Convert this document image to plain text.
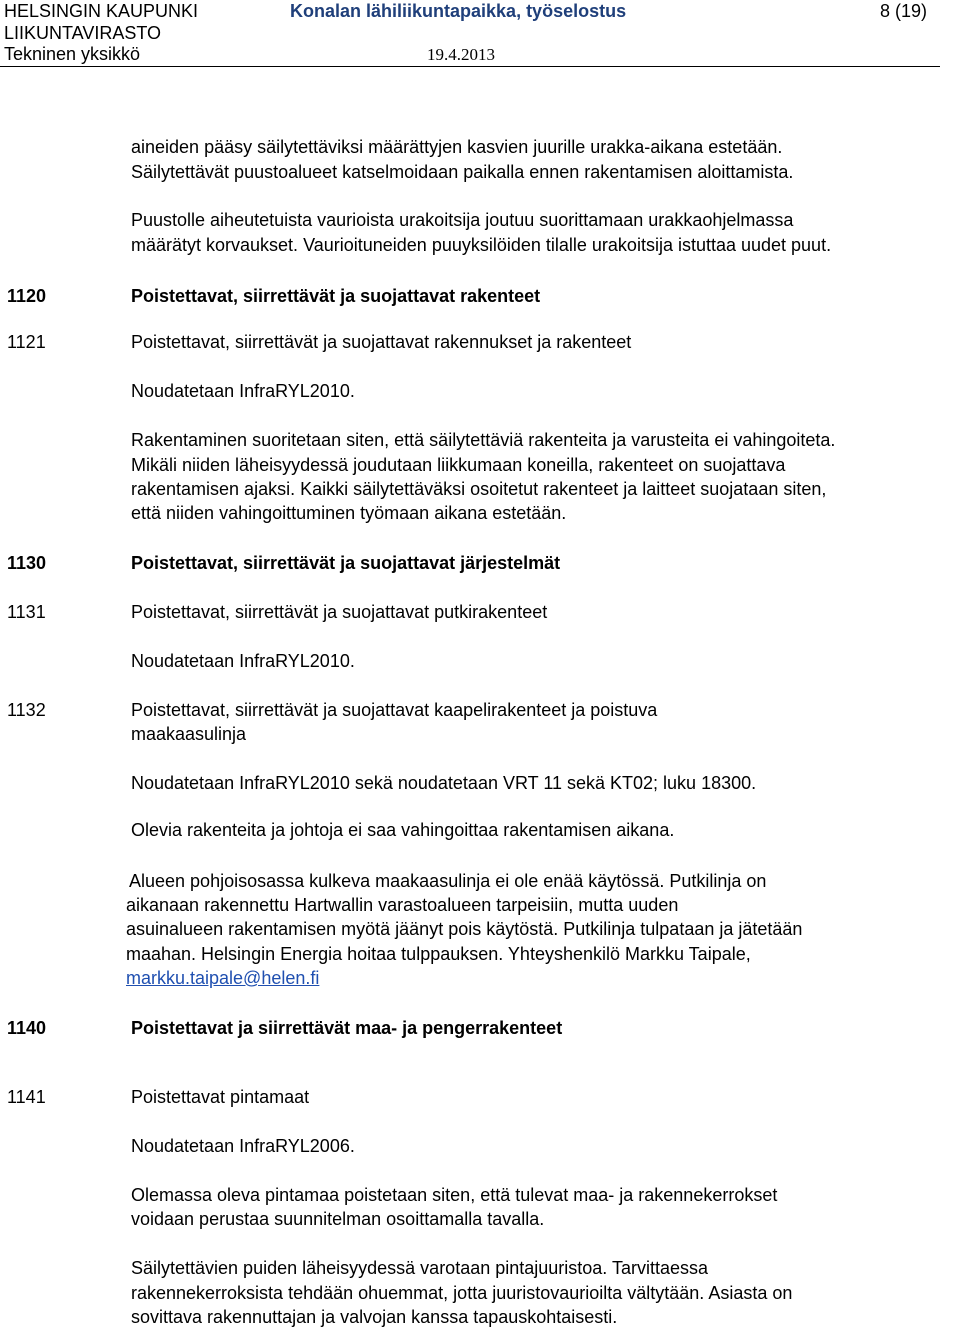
HELSINGIN KAUPUNKI
LIIKUNTAVIRASTO
Tekninen yksikkö
Konalan lähiliikuntapaikka, työselostus	8 (19)
19.4.2013
aineiden pääsy säilytettäviksi määrättyjen kasvien juurille urakka-aikana estetään.
Säilytettävät puustoalueet katselmoidaan paikalla ennen rakentamisen aloittamista.
Puustolle aiheutetuista vaurioista urakoitsija joutuu suorittamaan urakkaohjelmassa
määrätyt korvaukset. Vaurioituneiden puuyksilöiden tilalle urakoitsija istuttaa uudet puut.
1120	Poistettavat, siirrettävät ja suojattavat rakenteet
1121	Poistettavat, siirrettävät ja suojattavat rakennukset ja rakenteet
Noudatetaan InfraRYL2010.
Rakentaminen suoritetaan siten, että säilytettäviä rakenteita ja varusteita ei vahingoiteta.
Mikäli niiden läheisyydessä joudutaan liikkumaan koneilla, rakenteet on suojattava
rakentamisen ajaksi. Kaikki säilytettäväksi osoitetut rakenteet ja laitteet suojataan siten,
että niiden vahingoittuminen työmaan aikana estetään.
1130	Poistettavat, siirrettävät ja suojattavat järjestelmät
1131	Poistettavat, siirrettävät ja suojattavat putkirakenteet
Noudatetaan InfraRYL2010.
1132	Poistettavat, siirrettävät ja suojattavat kaapelirakenteet ja poistuva
maakaasulinja
Noudatetaan InfraRYL2010 sekä noudatetaan VRT 11 sekä KT02; luku 18300.
Olevia rakenteita ja johtoja ei saa vahingoittaa rakentamisen aikana.
Alueen pohjoisosassa kulkeva maakaasulinja ei ole enää käytössä. Putkilinja on
aikanaan rakennettu Hartwallin varastoalueen tarpeisiin, mutta uuden
asuinalueen rakentamisen myötä jäänyt pois käytöstä. Putkilinja tulpataan ja jätetään
maahan. Helsingin Energia hoitaa tulppauksen. Yhteyshenkilö Markku Taipale,
markku.taipale@helen.fi
1140	Poistettavat ja siirrettävät maa- ja pengerrakenteet
1141	Poistettavat pintamaat
Noudatetaan InfraRYL2006.
Olemassa oleva pintamaa poistetaan siten, että tulevat maa- ja rakennekerrokset
voidaan perustaa suunnitelman osoittamalla tavalla.
Säilytettävien puiden läheisyydessä varotaan pintajuuristoa. Tarvittaessa
rakennekerroksista tehdään ohuemmat, jotta juuristovaurioilta vältytään. Asiasta on
sovittava rakennuttajan ja valvojan kanssa tapauskohtaisesti.
